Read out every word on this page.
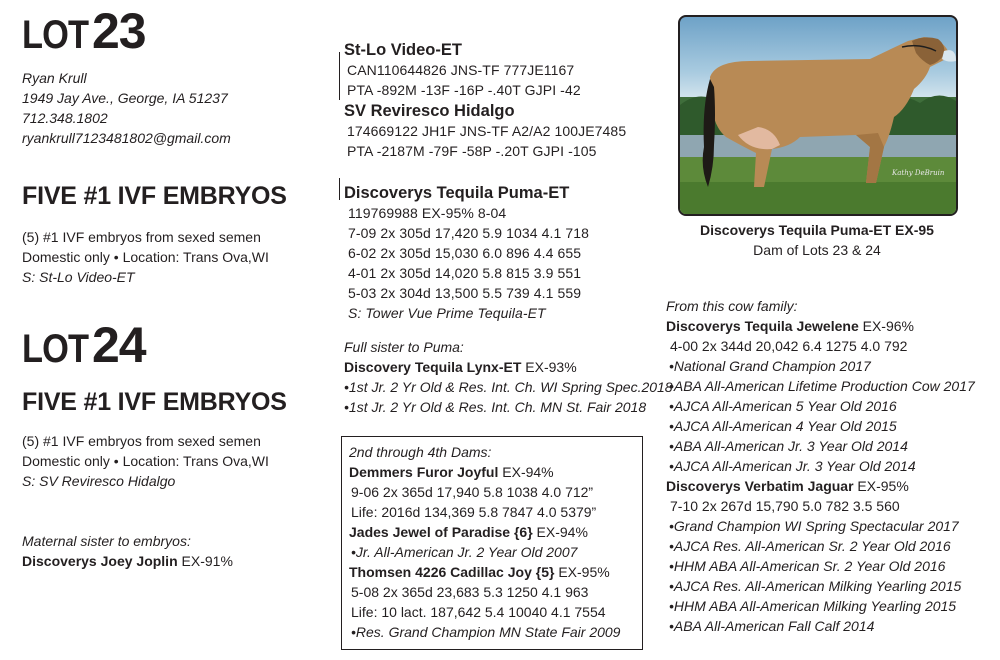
LOT 23
Ryan Krull
1949 Jay Ave., George, IA 51237
712.348.1802
ryankrull7123481802@gmail.com
FIVE #1 IVF EMBRYOS
(5) #1 IVF embryos from sexed semen
Domestic only • Location: Trans Ova,WI
S: St-Lo Video-ET
LOT 24
FIVE #1 IVF EMBRYOS
(5) #1 IVF embryos from sexed semen
Domestic only • Location: Trans Ova,WI
S: SV Reviresco Hidalgo
Maternal sister to embryos:
Discoverys Joey Joplin EX-91%
St-Lo Video-ET
CAN110644826 JNS-TF 777JE1167
PTA -892M -13F -16P -.40T GJPI -42
SV Reviresco Hidalgo
174669122 JH1F JNS-TF A2/A2 100JE7485
PTA -2187M -79F -58P -.20T GJPI -105
Discoverys Tequila Puma-ET
119769988 EX-95% 8-04
7-09 2x 305d 17,420 5.9 1034 4.1 718
6-02 2x 305d 15,030 6.0 896 4.4 655
4-01 2x 305d 14,020 5.8 815 3.9 551
5-03 2x 304d 13,500 5.5 739 4.1 559
S: Tower Vue Prime Tequila-ET
Full sister to Puma:
Discovery Tequila Lynx-ET EX-93%
•1st Jr. 2 Yr Old & Res. Int. Ch. WI Spring Spec.2018
•1st Jr. 2 Yr Old & Res. Int. Ch. MN St. Fair 2018
2nd through 4th Dams:
Demmers Furor Joyful EX-94%
9-06 2x 365d 17,940 5.8 1038 4.0 712”
Life: 2016d 134,369 5.8 7847 4.0 5379”
Jades Jewel of Paradise {6} EX-94%
•Jr. All-American Jr. 2 Year Old 2007
Thomsen 4226 Cadillac Joy {5} EX-95%
5-08 2x 365d 23,683 5.3 1250 4.1 963
Life: 10 lact. 187,642 5.4 10040 4.1 7554
•Res. Grand Champion MN State Fair 2009
Kathy DeBruin
Discoverys Tequila Puma-ET EX-95
Dam of Lots 23 & 24
From this cow family:
Discoverys Tequila Jewelene EX-96%
4-00 2x 344d 20,042 6.4 1275 4.0 792
•National Grand Champion 2017
•ABA All-American Lifetime Production Cow 2017
•AJCA All-American 5 Year Old 2016
•AJCA All-American 4 Year Old 2015
•ABA All-American Jr. 3 Year Old 2014
•AJCA All-American Jr. 3 Year Old 2014
Discoverys Verbatim Jaguar EX-95%
7-10 2x 267d 15,790 5.0 782 3.5 560
•Grand Champion WI Spring Spectacular 2017
•AJCA Res. All-American Sr. 2 Year Old 2016
•HHM ABA All-American Sr. 2 Year Old 2016
•AJCA Res. All-American Milking Yearling 2015
•HHM ABA All-American Milking Yearling 2015
•ABA All-American Fall Calf 2014
